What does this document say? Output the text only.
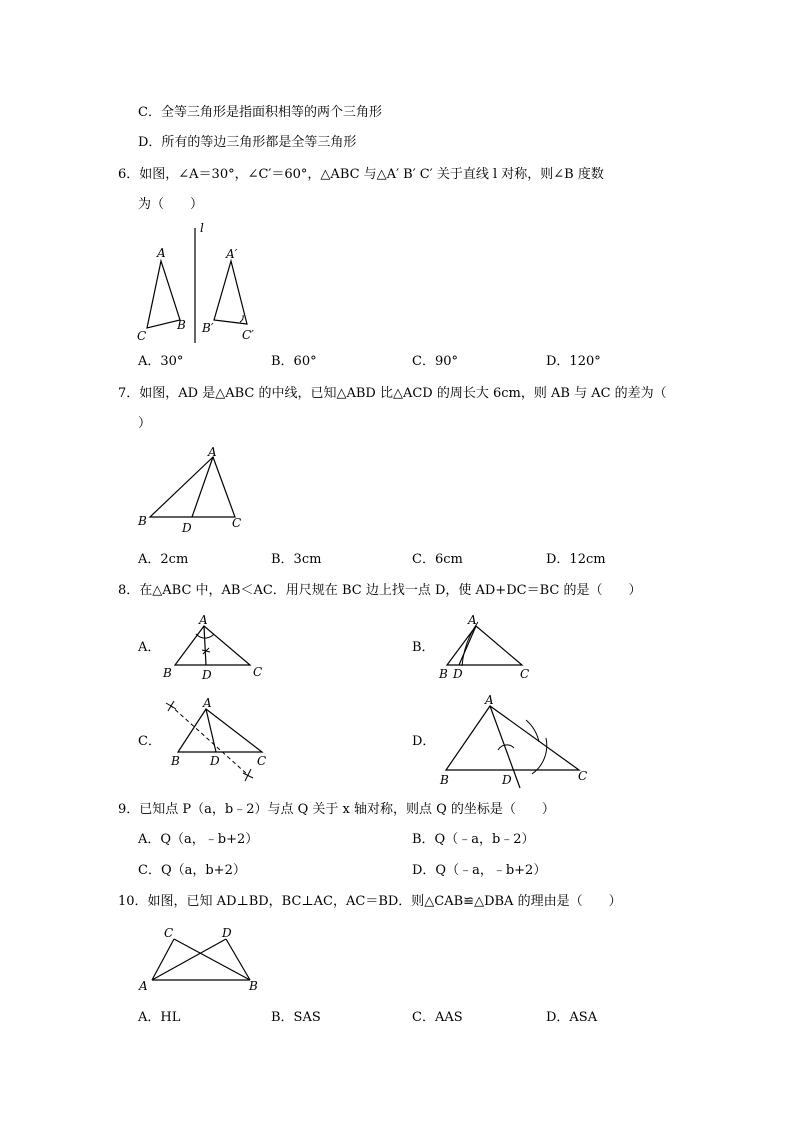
C．全等三角形是指面积相等的两个三角形
D．所有的等边三角形都是全等三角形
6．如图，∠A＝30°，∠C′＝60°，△ABC 与△A′ B′ C′ 关于直线 l 对称，则∠B 度数
为（　　）
l
A
B
C
A′
B′ C′
A．30°	B．60°	C．90°	D．120°
7．如图，AD 是△ABC 的中线，已知△ABD 比△ACD 的周长大 6cm，则 AB 与 AC 的差为（
）
A
B	C
D
A．2cm	B．3cm	C．6cm	D．12cm
8．在△ABC 中，AB＜AC．用尺规在 BC 边上找一点 D，使 AD+DC＝BC 的是（　　）
A．
A
B	C
D
B．
A
B D	C
C．
A
B	D	C
D．
A
B	D	C
9．已知点 P（a，b﹣2）与点 Q 关于 x 轴对称，则点 Q 的坐标是（　　）
A．Q（a，﹣b+2）	B．Q（﹣a，b﹣2）
C．Q（a，b+2）	D．Q（﹣a，﹣b+2）
10．如图，已知 AD⊥BD，BC⊥AC，AC＝BD．则△CAB≌△DBA 的理由是（　　）
C	D
A	B
A．HL	B．SAS	C．AAS	D．ASA
